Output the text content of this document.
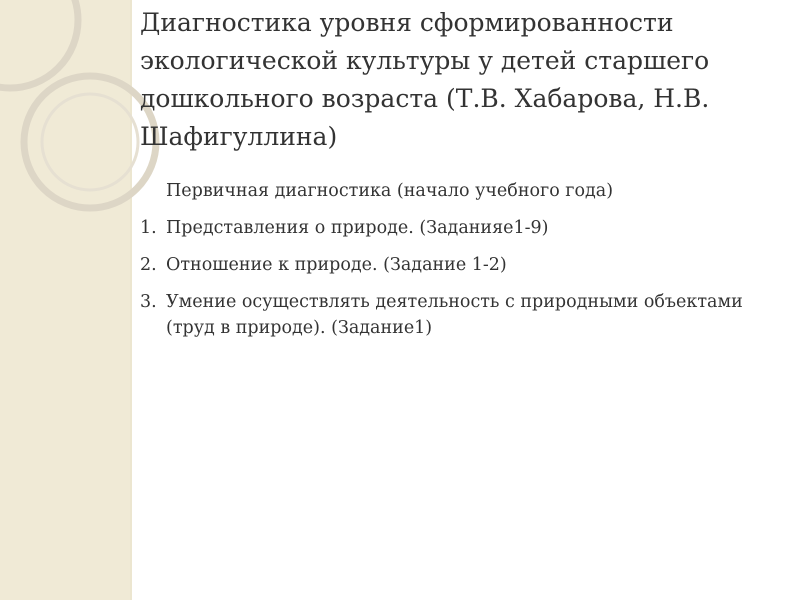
Диагностика уровня сформированности экологической культуры у детей старшего дошкольного возраста (Т.В. Хабарова, Н.В. Шафигуллина)

Первичная диагностика (начало учебного года)

1. Представления о природе. (Заданияе1-9)
2. Отношение к природе. (Задание 1-2)
3. Умение осуществлять деятельность с природными объектами (труд в природе). (Задание1)
